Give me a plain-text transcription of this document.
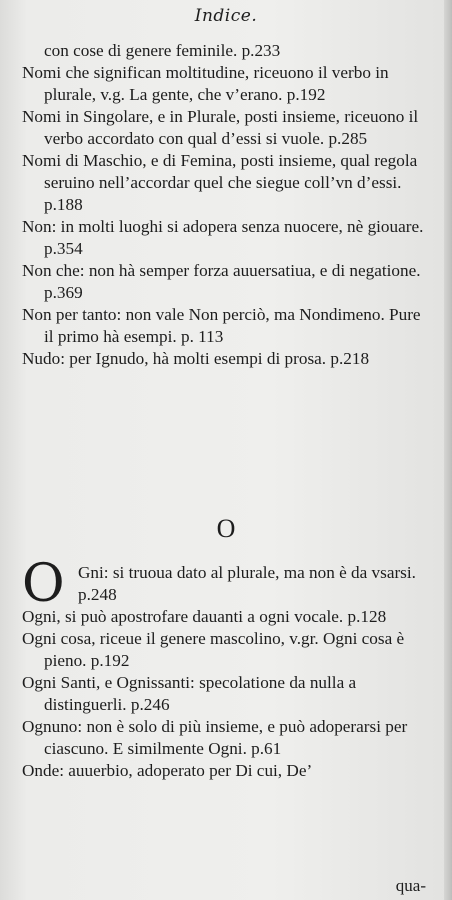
Indice.

con cose di genere feminile. p.233

Nomi che significan moltitudine, riceuono il verbo in plurale, v.g. La gente, che v’erano. p.192

Nomi in Singolare, e in Plurale, posti insieme, riceuono il verbo accordato con qual d’essi si vuole. p.285

Nomi di Maschio, e di Femina, posti insieme, qual regola seruino nell’accordar quel che siegue coll’vn d’essi. p.188

Non: in molti luoghi si adopera senza nuocere, nè giouare. p.354

Non che: non hà semper forza auuersatiua, e di negatione. p.369

Non per tanto: non vale Non perciò, ma Nondimeno. Pure il primo hà esempi. p. 113

Nudo: per Ignudo, hà molti esempi di prosa. p.218

O

O Gni: si truoua dato al plurale, ma non è da vsarsi. p.248

Ogni, si può apostrofare dauanti a ogni vocale. p.128

Ogni cosa, riceue il genere mascolino, v.gr. Ogni cosa è pieno. p.192

Ogni Santi, e Ognissanti: specolatione da nulla a distinguerli. p.246

Ognuno: non è solo di più insieme, e può adoperarsi per ciascuno. E similmente Ogni. p.61

Onde: auuerbio, adoperato per Di cui, De’

qua-
